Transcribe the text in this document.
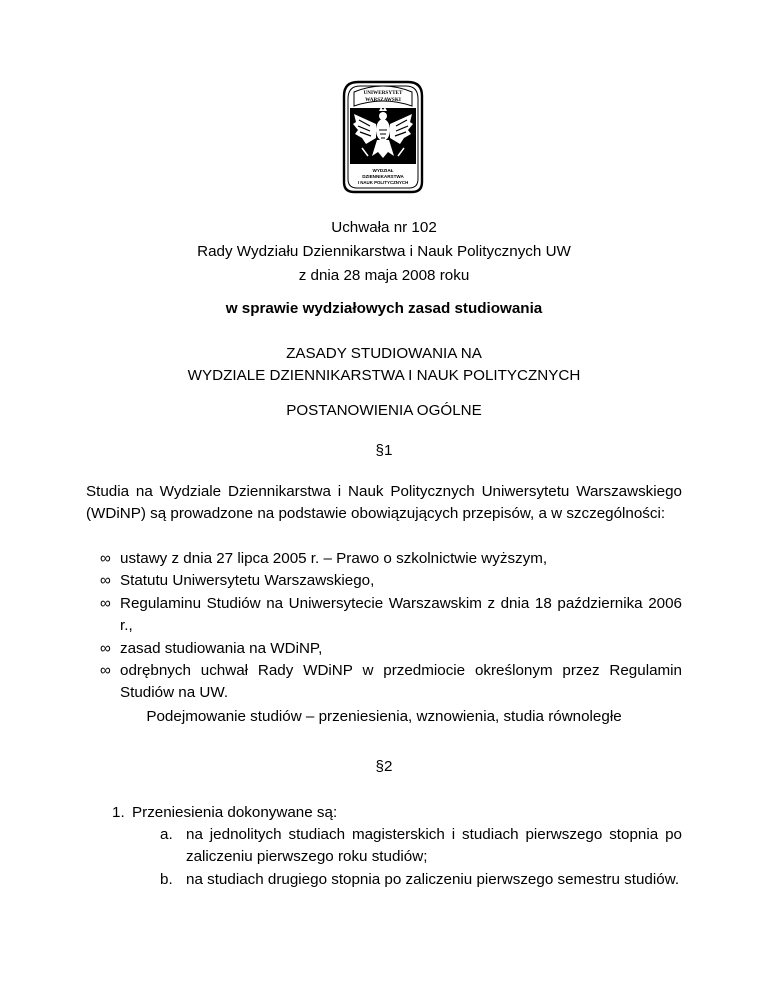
UNIWERSYTET
WARSZAWSKI
WYDZIAŁ
DZIENNIKARSTWA
I NAUK POLITYCZNYCH
Uchwała nr 102
Rady Wydziału Dziennikarstwa i Nauk Politycznych UW
z dnia 28 maja 2008 roku
w sprawie wydziałowych zasad studiowania
ZASADY STUDIOWANIA NA
WYDZIALE DZIENNIKARSTWA I NAUK POLITYCZNYCH
POSTANOWIENIA OGÓLNE
§1
Studia na Wydziale Dziennikarstwa i Nauk Politycznych Uniwersytetu Warszawskiego (WDiNP) są prowadzone na podstawie obowiązujących przepisów, a w szczególności:
∞ ustawy z dnia 27 lipca 2005 r. – Prawo o szkolnictwie wyższym,
∞ Statutu Uniwersytetu Warszawskiego,
∞ Regulaminu Studiów na Uniwersytecie Warszawskim z dnia 18 października 2006 r.,
∞ zasad studiowania na WDiNP,
∞ odrębnych uchwał Rady WDiNP w przedmiocie określonym przez Regulamin Studiów na UW.
Podejmowanie studiów – przeniesienia, wznowienia, studia równoległe
§2
1. Przeniesienia dokonywane są:
a. na jednolitych studiach magisterskich i studiach pierwszego stopnia po zaliczeniu pierwszego roku studiów;
b. na studiach drugiego stopnia po zaliczeniu pierwszego semestru studiów.
